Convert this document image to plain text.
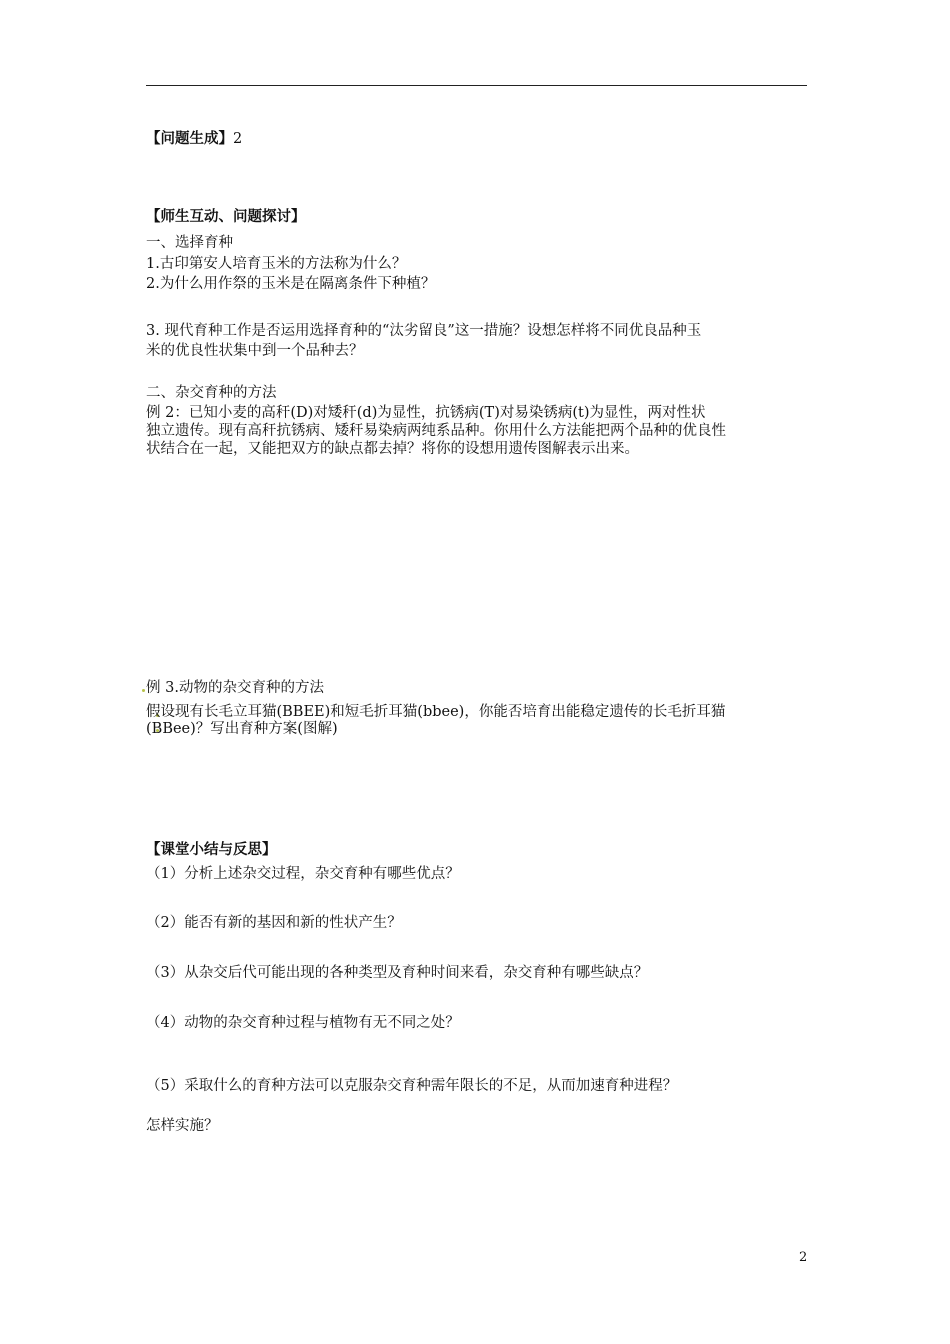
【问题生成】2
【师生互动、问题探讨】
一、选择育种
1.古印第安人培育玉米的方法称为什么？
2.为什么用作祭的玉米是在隔离条件下种植？
3. 现代育种工作是否运用选择育种的“汰劣留良”这一措施？设想怎样将不同优良品种玉
米的优良性状集中到一个品种去？
二、杂交育种的方法
例 2：已知小麦的高秆(D)对矮秆(d)为显性，抗锈病(T)对易染锈病(t)为显性，两对性状
独立遗传。现有高秆抗锈病、矮秆易染病两纯系品种。你用什么方法能把两个品种的优良性
状结合在一起，又能把双方的缺点都去掉？将你的设想用遗传图解表示出来。
例 3.动物的杂交育种的方法
假设现有长毛立耳猫(BBEE)和短毛折耳猫(bbee)，你能否培育出能稳定遗传的长毛折耳猫
(BBee)？写出育种方案(图解)
【课堂小结与反思】
（1）分析上述杂交过程，杂交育种有哪些优点？
（2）能否有新的基因和新的性状产生？
（3）从杂交后代可能出现的各种类型及育种时间来看，杂交育种有哪些缺点？
（4）动物的杂交育种过程与植物有无不同之处？
（5）采取什么的育种方法可以克服杂交育种需年限长的不足，从而加速育种进程？
怎样实施？
2
